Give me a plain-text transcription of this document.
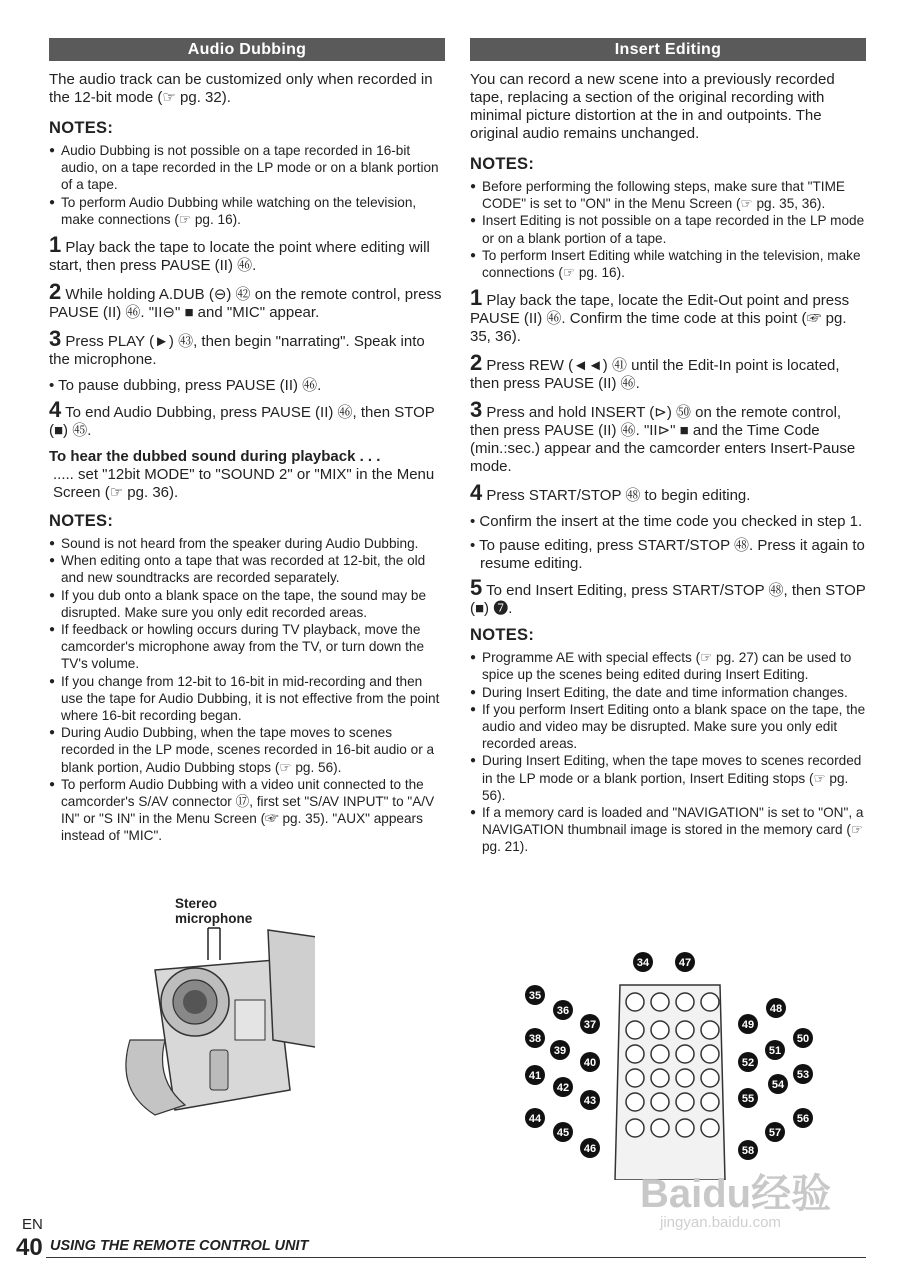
Audio Dubbing

The audio track can be customized only when recorded in the 12-bit mode (☞ pg. 32).

NOTES:
● Audio Dubbing is not possible on a tape recorded in 16-bit audio, on a tape recorded in the LP mode or on a blank portion of a tape.
● To perform Audio Dubbing while watching on the television, make connections (☞ pg. 16).

1 Play back the tape to locate the point where editing will start, then press PAUSE (II) ㊻.

2 While holding A.DUB (⊖) ㊷ on the remote control, press PAUSE (II) ㊻. "II⊖" ■ and "MIC" appear.

3 Press PLAY (►) ㊸, then begin "narrating". Speak into the microphone.

• To pause dubbing, press PAUSE (II) ㊻.

4 To end Audio Dubbing, press PAUSE (II) ㊻, then STOP (■) ㊺.

To hear the dubbed sound during playback . . .

..... set "12bit MODE" to "SOUND 2" or "MIX" in the Menu Screen (☞ pg. 36).

NOTES:
● Sound is not heard from the speaker during Audio Dubbing.
● When editing onto a tape that was recorded at 12-bit, the old and new soundtracks are recorded separately.
● If you dub onto a blank space on the tape, the sound may be disrupted. Make sure you only edit recorded areas.
● If feedback or howling occurs during TV playback, move the camcorder's microphone away from the TV, or turn down the TV's volume.
● If you change from 12-bit to 16-bit in mid-recording and then use the tape for Audio Dubbing, it is not effective from the point where 16-bit recording began.
● During Audio Dubbing, when the tape moves to scenes recorded in the LP mode, scenes recorded in 16-bit audio or a blank portion, Audio Dubbing stops (☞ pg. 56).
● To perform Audio Dubbing with a video unit connected to the camcorder's S/AV connector ⑰, first set "S/AV INPUT" to "A/V IN" or "S IN" in the Menu Screen (☞ pg. 35). "AUX" appears instead of "MIC".
Stereo
microphone
Insert Editing

You can record a new scene into a previously recorded tape, replacing a section of the original recording with minimal picture distortion at the in and outpoints. The original audio remains unchanged.

NOTES:
● Before performing the following steps, make sure that "TIME CODE" is set to "ON" in the Menu Screen (☞ pg. 35, 36).
● Insert Editing is not possible on a tape recorded in the LP mode or on a blank portion of a tape.
● To perform Insert Editing while watching in the television, make connections (☞ pg. 16).

1 Play back the tape, locate the Edit-Out point and press PAUSE (II) ㊻. Confirm the time code at this point (☞ pg. 35, 36).

2 Press REW (◄◄) ㊶ until the Edit-In point is located, then press PAUSE (II) ㊻.

3 Press and hold INSERT (⊳) ㊿ on the remote control, then press PAUSE (II) ㊻. "II⊳" ■ and the Time Code (min.:sec.) appear and the camcorder enters Insert-Pause mode.

4 Press START/STOP ㊽ to begin editing.

• Confirm the insert at the time code you checked in step 1.

• To pause editing, press START/STOP ㊽. Press it again to resume editing.

5 To end Insert Editing, press START/STOP ㊽, then STOP (■) ❼.

NOTES:
● Programme AE with special effects (☞ pg. 27) can be used to spice up the scenes being edited during Insert Editing.
● During Insert Editing, the date and time information changes.
● If you perform Insert Editing onto a blank space on the tape, the audio and video may be disrupted. Make sure you only edit recorded areas.
● During Insert Editing, when the tape moves to scenes recorded in the LP mode or a blank portion, Insert Editing stops (☞ pg. 56).
● If a memory card is loaded and "NAVIGATION" is set to "ON", a NAVIGATION thumbnail image is stored in the memory card (☞ pg. 21).
34	47
35
36
37
38
39
40
41
42
43
44
45
46
48
49
50
51
52
53
54
55
56
57
58
EN
40 USING THE REMOTE CONTROL UNIT
Baidu经验
jingyan.baidu.com
